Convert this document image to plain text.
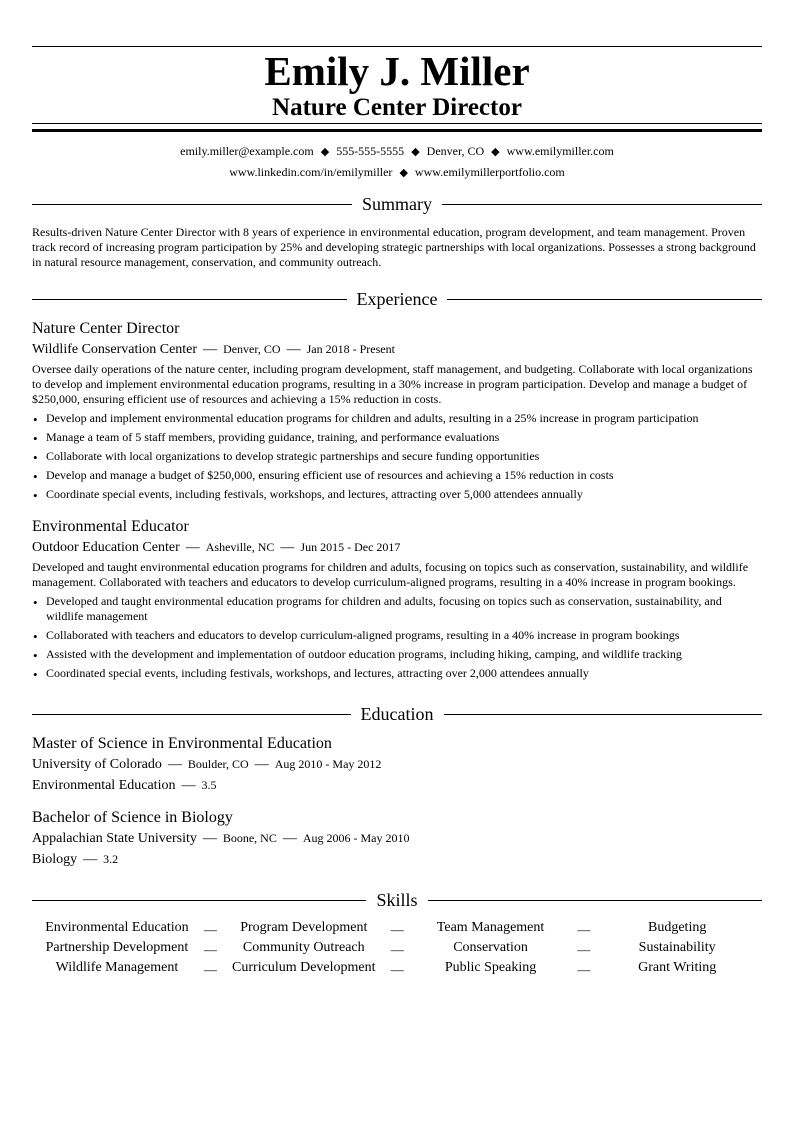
Emily J. Miller
Nature Center Director
emily.miller@example.com ◆ 555-555-5555 ◆ Denver, CO ◆ www.emilymiller.com
www.linkedin.com/in/emilymiller ◆ www.emilymillerportfolio.com
Summary
Results-driven Nature Center Director with 8 years of experience in environmental education, program development, and team management. Proven track record of increasing program participation by 25% and developing strategic partnerships with local organizations. Possesses a strong background in natural resource management, conservation, and community outreach.
Experience
Nature Center Director
Wildlife Conservation Center — Denver, CO — Jan 2018 - Present
Oversee daily operations of the nature center, including program development, staff management, and budgeting. Collaborate with local organizations to develop and implement environmental education programs, resulting in a 30% increase in program participation. Develop and manage a budget of $250,000, ensuring efficient use of resources and achieving a 15% reduction in costs.
• Develop and implement environmental education programs for children and adults, resulting in a 25% increase in program participation
• Manage a team of 5 staff members, providing guidance, training, and performance evaluations
• Collaborate with local organizations to develop strategic partnerships and secure funding opportunities
• Develop and manage a budget of $250,000, ensuring efficient use of resources and achieving a 15% reduction in costs
• Coordinate special events, including festivals, workshops, and lectures, attracting over 5,000 attendees annually
Environmental Educator
Outdoor Education Center — Asheville, NC — Jun 2015 - Dec 2017
Developed and taught environmental education programs for children and adults, focusing on topics such as conservation, sustainability, and wildlife management. Collaborated with teachers and educators to develop curriculum-aligned programs, resulting in a 40% increase in program bookings.
• Developed and taught environmental education programs for children and adults, focusing on topics such as conservation, sustainability, and wildlife management
• Collaborated with teachers and educators to develop curriculum-aligned programs, resulting in a 40% increase in program bookings
• Assisted with the development and implementation of outdoor education programs, including hiking, camping, and wildlife tracking
• Coordinated special events, including festivals, workshops, and lectures, attracting over 2,000 attendees annually
Education
Master of Science in Environmental Education
University of Colorado — Boulder, CO — Aug 2010 - May 2012
Environmental Education — 3.5
Bachelor of Science in Biology
Appalachian State University — Boone, NC — Aug 2006 - May 2010
Biology — 3.2
Skills
Environmental Education	—	Program Development	—	Team Management	—	Budgeting
Partnership Development	—	Community Outreach	—	Conservation	—	Sustainability
Wildlife Management	—	Curriculum Development	—	Public Speaking	—	Grant Writing
